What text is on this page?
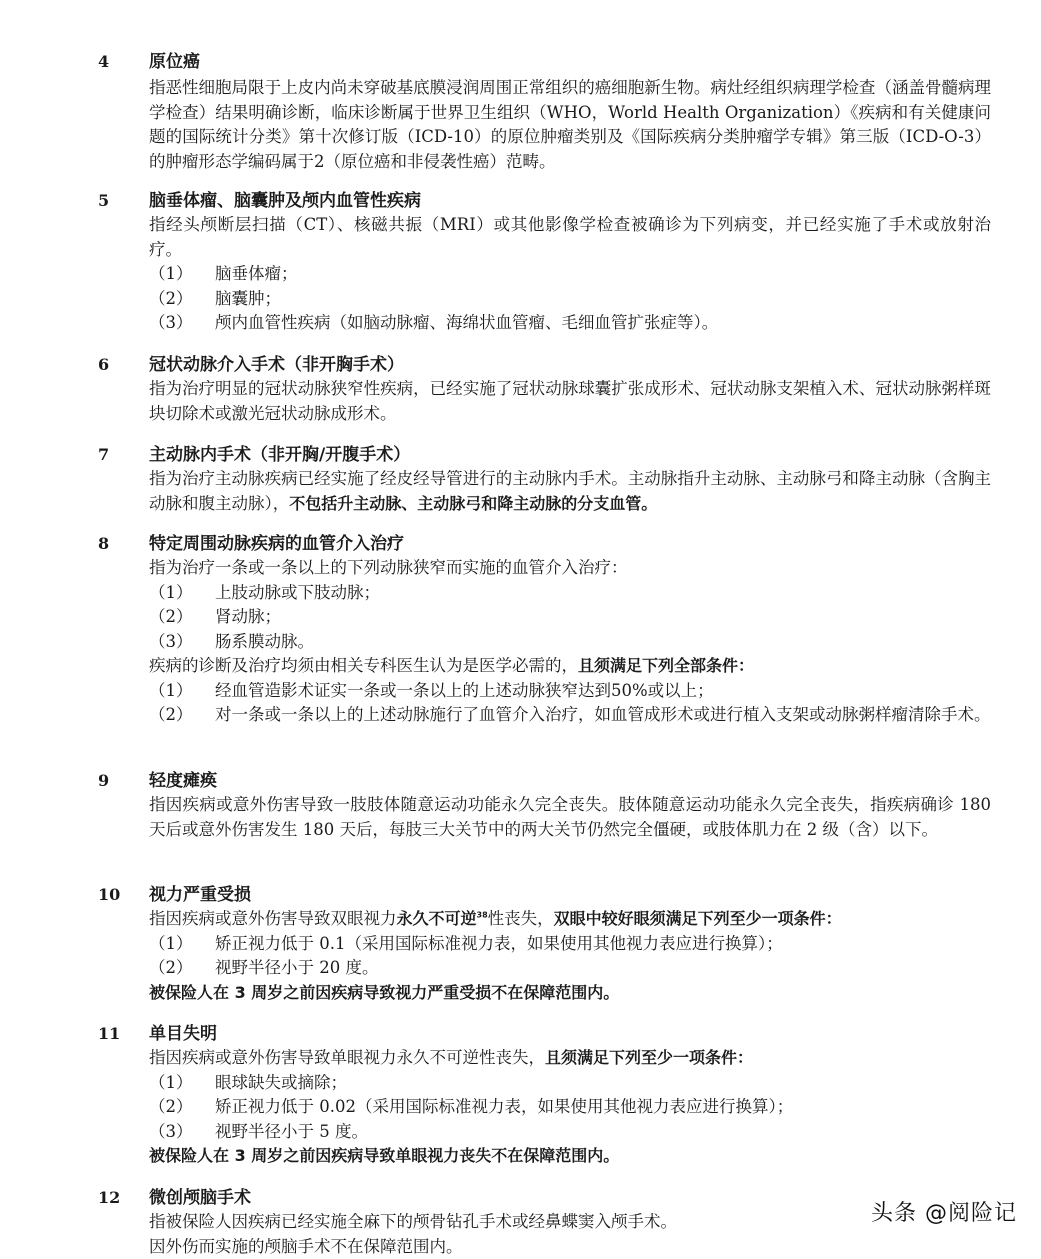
4 原位癌

指恶性细胞局限于上皮内尚未穿破基底膜浸润周围正常组织的癌细胞新生物。病灶经组织病理学检查（涵盖骨髓病理学检查）结果明确诊断，临床诊断属于世界卫生组织（WHO，World Health Organization）《疾病和有关健康问题的国际统计分类》第十次修订版（ICD-10）的原位肿瘤类别及《国际疾病分类肿瘤学专辑》第三版（ICD-O-3）的肿瘤形态学编码属于2（原位癌和非侵袭性癌）范畴。

5 脑垂体瘤、脑囊肿及颅内血管性疾病

指经头颅断层扫描（CT）、核磁共振（MRI）或其他影像学检查被确诊为下列病变，并已经实施了手术或放射治疗。

（1）	脑垂体瘤；
（2）	脑囊肿；
（3）	颅内血管性疾病（如脑动脉瘤、海绵状血管瘤、毛细血管扩张症等）。
6 冠状动脉介入手术（非开胸手术）

指为治疗明显的冠状动脉狭窄性疾病，已经实施了冠状动脉球囊扩张成形术、冠状动脉支架植入术、冠状动脉粥样斑块切除术或激光冠状动脉成形术。

7 主动脉内手术（非开胸/开腹手术）

指为治疗主动脉疾病已经实施了经皮经导管进行的主动脉内手术。主动脉指升主动脉、主动脉弓和降主动脉（含胸主动脉和腹主动脉），不包括升主动脉、主动脉弓和降主动脉的分支血管。

8 特定周围动脉疾病的血管介入治疗

指为治疗一条或一条以上的下列动脉狭窄而实施的血管介入治疗：

（1）	上肢动脉或下肢动脉；
（2）	肾动脉；
（3）	肠系膜动脉。

疾病的诊断及治疗均须由相关专科医生认为是医学必需的，且须满足下列全部条件：

（1）	经血管造影术证实一条或一条以上的上述动脉狭窄达到50%或以上；
（2）	对一条或一条以上的上述动脉施行了血管介入治疗，如血管成形术或进行植入支架或动脉粥样瘤清除手术。
9 轻度瘫痪

指因疾病或意外伤害导致一肢肢体随意运动功能永久完全丧失。肢体随意运动功能永久完全丧失，指疾病确诊 180 天后或意外伤害发生 180 天后，每肢三大关节中的两大关节仍然完全僵硬，或肢体肌力在 2 级（含）以下。

10 视力严重受损

指因疾病或意外伤害导致双眼视力永久不可逆$^{38}$性丧失，双眼中较好眼须满足下列至少一项条件：

（1）	矫正视力低于 0.1（采用国际标准视力表，如果使用其他视力表应进行换算）；
（2）	视野半径小于 20 度。

被保险人在 3 周岁之前因疾病导致视力严重受损不在保障范围内。

11 单目失明

指因疾病或意外伤害导致单眼视力永久不可逆性丧失，且须满足下列至少一项条件：

（1）	眼球缺失或摘除；
（2）	矫正视力低于 0.02（采用国际标准视力表，如果使用其他视力表应进行换算）；
（3）	视野半径小于 5 度。

被保险人在 3 周岁之前因疾病导致单眼视力丧失不在保障范围内。

12 微创颅脑手术

指被保险人因疾病已经实施全麻下的颅骨钻孔手术或经鼻蝶窦入颅手术。

因外伤而实施的颅脑手术不在保障范围内。

头条 @阅险记
